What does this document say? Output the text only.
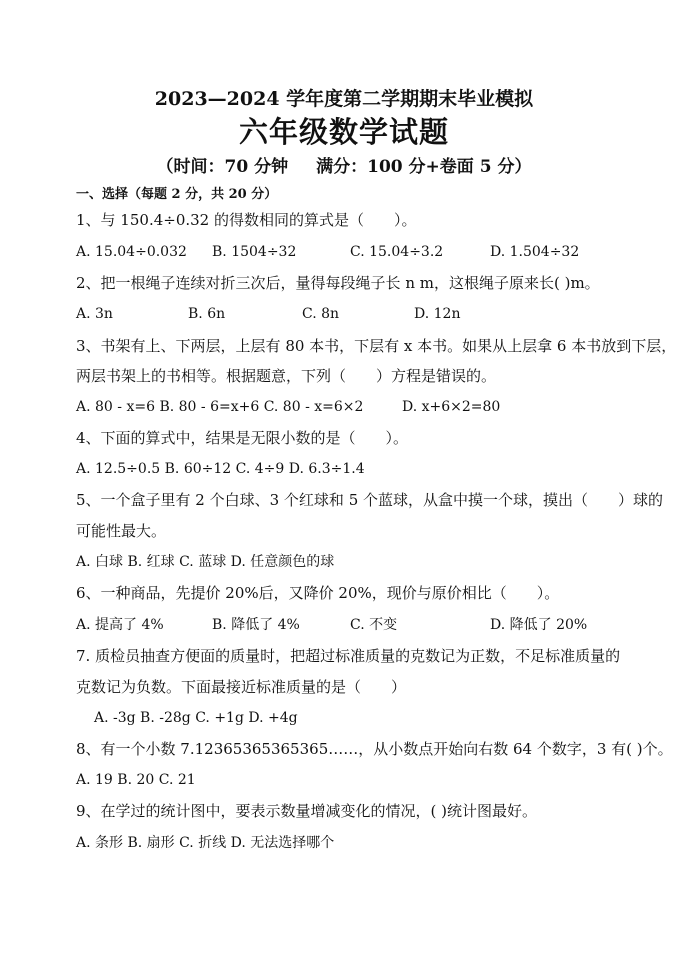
2023—2024 学年度第二学期期末毕业模拟
六年级数学试题
（时间：70 分钟 满分：100 分+卷面 5 分）
一、选择（每题 2 分，共 20 分）
1、与 150.4÷0.32 的得数相同的算式是（　　）。
A. 15.04÷0.032 B. 1504÷32	C. 15.04÷3.2	D. 1.504÷32
2、把一根绳子连续对折三次后，量得每段绳子长 n m，这根绳子原来长( )m。
A. 3n	B. 6n	C. 8n	D. 12n
3、书架有上、下两层，上层有 80 本书，下层有 x 本书。如果从上层拿 6 本书放到下层，
两层书架上的书相等。根据题意，下列（　　）方程是错误的。
A. 80 - x=6 B. 80 - 6=x+6 C. 80 - x=6×2	D. x+6×2=80
4、下面的算式中，结果是无限小数的是（　　）。
A. 12.5÷0.5 B. 60÷12 C. 4÷9 D. 6.3÷1.4
5、一个盒子里有 2 个白球、3 个红球和 5 个蓝球，从盒中摸一个球，摸出（　　）球的
可能性最大。
A. 白球 B. 红球 C. 蓝球 D. 任意颜色的球
6、一种商品，先提价 20%后，又降价 20%，现价与原价相比（　　）。
A. 提高了 4%	B. 降低了 4%	C. 不变	D. 降低了 20%
7. 质检员抽查方便面的质量时，把超过标准质量的克数记为正数，不足标准质量的
克数记为负数。下面最接近标准质量的是（　　）
A. -3g B. -28g C. +1g D. +4g
8、有一个小数 7.12365365365365……，从小数点开始向右数 64 个数字，3 有( )个。
A. 19 B. 20 C. 21
9、在学过的统计图中，要表示数量增减变化的情况，( )统计图最好。
A. 条形 B. 扇形 C. 折线 D. 无法选择哪个
